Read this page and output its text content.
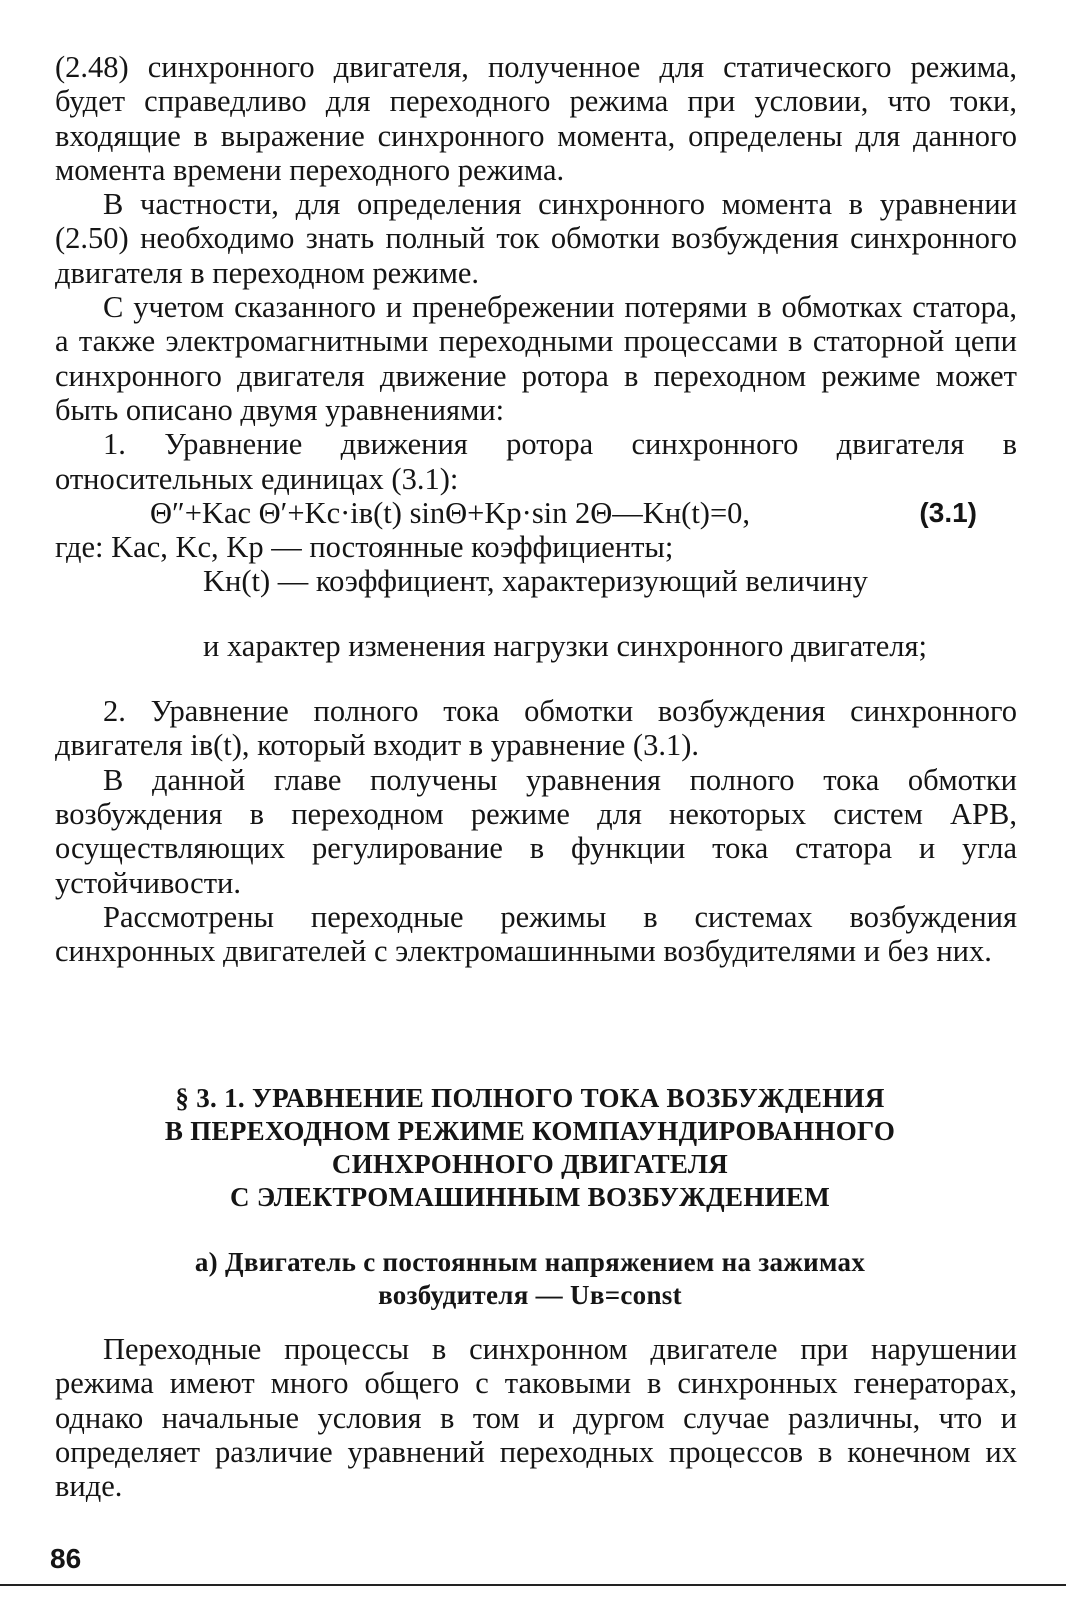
(2.48) синхронного двигателя, полученное для статического режима, будет справедливо для переходного режима при условии, что токи, входящие в выражение синхронного момента, определены для данного момента времени переходного режима.

В частности, для определения синхронного момента в уравнении (2.50) необходимо знать полный ток обмотки возбуждения синхронного двигателя в переходном режиме.

С учетом сказанного и пренебрежении потерями в обмотках статора, а также электромагнитными переходными процессами в статорной цепи синхронного двигателя движение ротора в переходном режиме может быть описано двумя уравнениями:

1. Уравнение движения ротора синхронного двигателя в относительных единицах (3.1):

Θ″+Kас Θ′+Kс·iв(t) sinΘ+Kр·sin 2Θ—Kн(t)=0,	(3.1)

где: Kас, Kс, Kр — постоянные коэффициенты;

Kн(t) — коэффициент, характеризующий величину

и характер изменения нагрузки синхронного двигателя;

2. Уравнение полного тока обмотки возбуждения синхронного двигателя iв(t), который входит в уравнение (3.1).

В данной главе получены уравнения полного тока обмотки возбуждения в переходном режиме для некоторых систем АРВ, осуществляющих регулирование в функции тока статора и угла устойчивости.

Рассмотрены переходные режимы в системах возбуждения синхронных двигателей с электромашинными возбудителями и без них.

§ 3. 1. УРАВНЕНИЕ ПОЛНОГО ТОКА ВОЗБУЖДЕНИЯ

В ПЕРЕХОДНОМ РЕЖИМЕ КОМПАУНДИРОВАННОГО

СИНХРОННОГО ДВИГАТЕЛЯ

С ЭЛЕКТРОМАШИННЫМ ВОЗБУЖДЕНИЕМ

а) Двигатель с постоянным напряжением на зажимах

возбудителя — Uв=const

Переходные процессы в синхронном двигателе при нарушении режима имеют много общего с таковыми в синхронных генераторах, однако начальные условия в том и дургом случае различны, что и определяет различие уравнений переходных процессов в конечном их виде.

86
